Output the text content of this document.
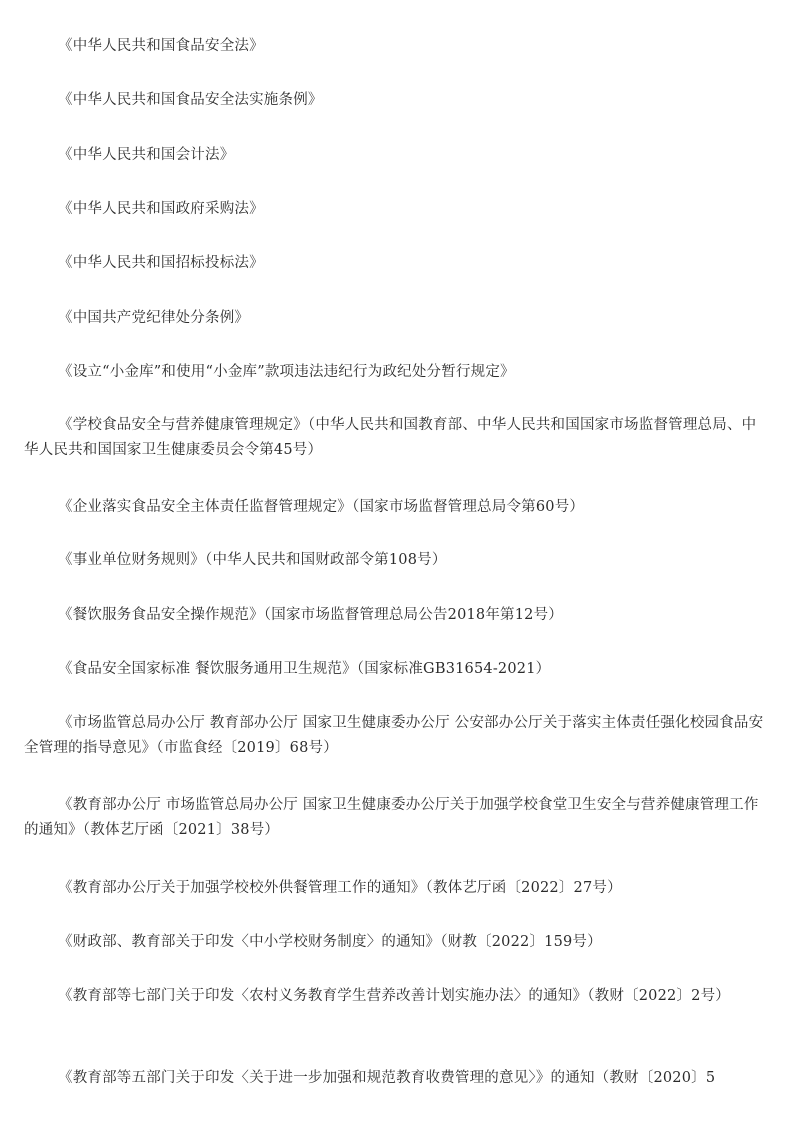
《中华人民共和国食品安全法》

《中华人民共和国食品安全法实施条例》

《中华人民共和国会计法》

《中华人民共和国政府采购法》

《中华人民共和国招标投标法》

《中国共产党纪律处分条例》

《设立“小金库”和使用“小金库”款项违法违纪行为政纪处分暂行规定》

《学校食品安全与营养健康管理规定》（中华人民共和国教育部、中华人民共和国国家市场监督管理总局、中华人民共和国国家卫生健康委员会令第45号）

《企业落实食品安全主体责任监督管理规定》（国家市场监督管理总局令第60号）

《事业单位财务规则》（中华人民共和国财政部令第108号）

《餐饮服务食品安全操作规范》（国家市场监督管理总局公告2018年第12号）

《食品安全国家标准 餐饮服务通用卫生规范》（国家标准GB31654-2021）

《市场监管总局办公厅 教育部办公厅 国家卫生健康委办公厅 公安部办公厅关于落实主体责任强化校园食品安全管理的指导意见》（市监食经〔2019〕68号）

《教育部办公厅 市场监管总局办公厅 国家卫生健康委办公厅关于加强学校食堂卫生安全与营养健康管理工作的通知》（教体艺厅函〔2021〕38号）

《教育部办公厅关于加强学校校外供餐管理工作的通知》（教体艺厅函〔2022〕27号）

《财政部、教育部关于印发〈中小学校财务制度〉的通知》（财教〔2022〕159号）

《教育部等七部门关于印发〈农村义务教育学生营养改善计划实施办法〉的通知》（教财〔2022〕2号）

《教育部等五部门关于印发〈关于进一步加强和规范教育收费管理的意见〉》的通知（教财〔2020〕5
